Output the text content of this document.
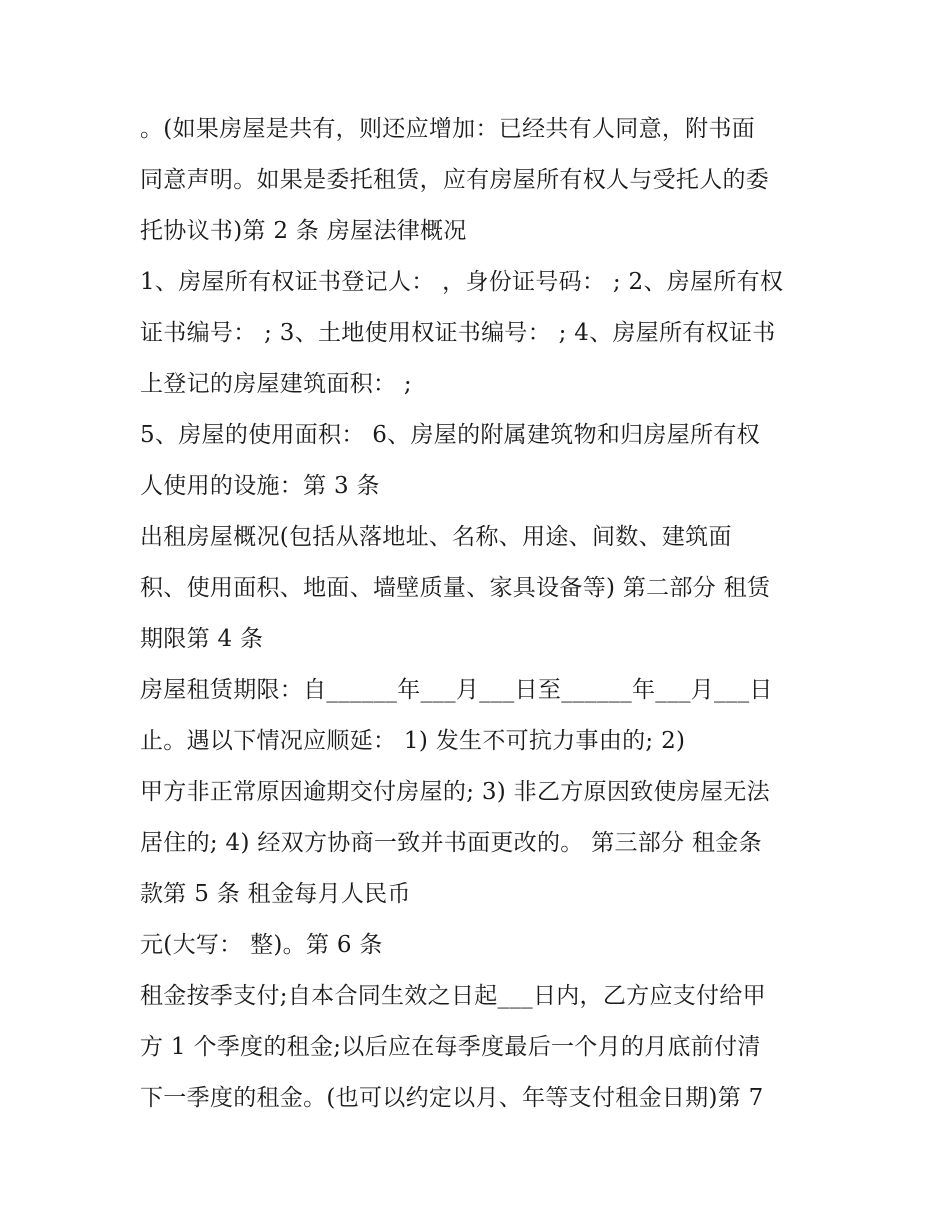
。(如果房屋是共有，则还应增加：已经共有人同意，附书面
同意声明。如果是委托租赁，应有房屋所有权人与受托人的委
托协议书)第 2 条 房屋法律概况
1、房屋所有权证书登记人： ，身份证号码： ; 2、房屋所有权
证书编号： ; 3、土地使用权证书编号： ; 4、房屋所有权证书
上登记的房屋建筑面积： ;
5、房屋的使用面积： 6、房屋的附属建筑物和归房屋所有权
人使用的设施：第 3 条
出租房屋概况(包括从落地址、名称、用途、间数、建筑面
积、使用面积、地面、墙壁质量、家具设备等) 第二部分 租赁
期限第 4 条
房屋租赁期限：自______年___月___日至______年___月___日
止。遇以下情况应顺延： 1) 发生不可抗力事由的; 2)
甲方非正常原因逾期交付房屋的; 3) 非乙方原因致使房屋无法
居住的; 4) 经双方协商一致并书面更改的。 第三部分 租金条
款第 5 条 租金每月人民币
元(大写： 整)。第 6 条
租金按季支付;自本合同生效之日起___日内，乙方应支付给甲
方 1 个季度的租金;以后应在每季度最后一个月的月底前付清
下一季度的租金。(也可以约定以月、年等支付租金日期)第 7
